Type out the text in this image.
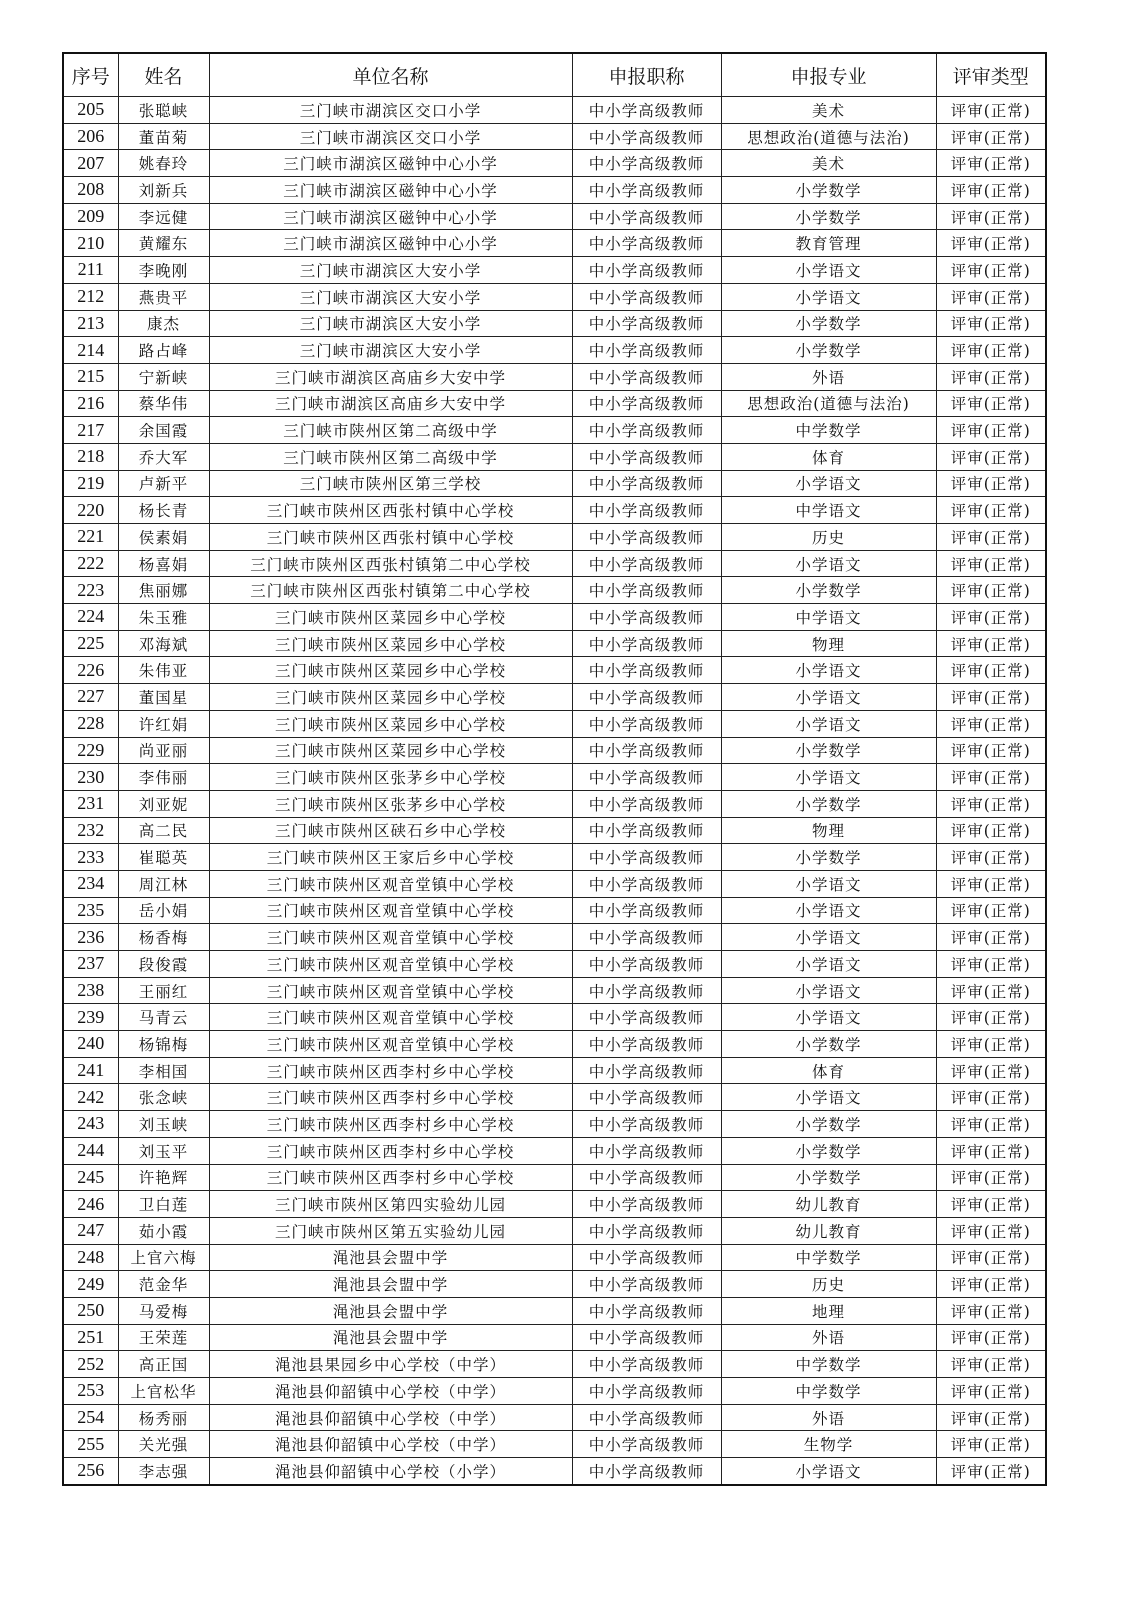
序号	姓名	单位名称	申报职称	申报专业	评审类型
205	张聪峡	三门峡市湖滨区交口小学	中小学高级教师	美术	评审(正常)
206	董苗菊	三门峡市湖滨区交口小学	中小学高级教师	思想政治(道德与法治)	评审(正常)
207	姚春玲	三门峡市湖滨区磁钟中心小学	中小学高级教师	美术	评审(正常)
208	刘新兵	三门峡市湖滨区磁钟中心小学	中小学高级教师	小学数学	评审(正常)
209	李远健	三门峡市湖滨区磁钟中心小学	中小学高级教师	小学数学	评审(正常)
210	黄耀东	三门峡市湖滨区磁钟中心小学	中小学高级教师	教育管理	评审(正常)
211	李晚刚	三门峡市湖滨区大安小学	中小学高级教师	小学语文	评审(正常)
212	燕贵平	三门峡市湖滨区大安小学	中小学高级教师	小学语文	评审(正常)
213	康杰	三门峡市湖滨区大安小学	中小学高级教师	小学数学	评审(正常)
214	路占峰	三门峡市湖滨区大安小学	中小学高级教师	小学数学	评审(正常)
215	宁新峡	三门峡市湖滨区高庙乡大安中学	中小学高级教师	外语	评审(正常)
216	蔡华伟	三门峡市湖滨区高庙乡大安中学	中小学高级教师	思想政治(道德与法治)	评审(正常)
217	余国霞	三门峡市陕州区第二高级中学	中小学高级教师	中学数学	评审(正常)
218	乔大军	三门峡市陕州区第二高级中学	中小学高级教师	体育	评审(正常)
219	卢新平	三门峡市陕州区第三学校	中小学高级教师	小学语文	评审(正常)
220	杨长青	三门峡市陕州区西张村镇中心学校	中小学高级教师	中学语文	评审(正常)
221	侯素娟	三门峡市陕州区西张村镇中心学校	中小学高级教师	历史	评审(正常)
222	杨喜娟	三门峡市陕州区西张村镇第二中心学校	中小学高级教师	小学语文	评审(正常)
223	焦丽娜	三门峡市陕州区西张村镇第二中心学校	中小学高级教师	小学数学	评审(正常)
224	朱玉雅	三门峡市陕州区菜园乡中心学校	中小学高级教师	中学语文	评审(正常)
225	邓海斌	三门峡市陕州区菜园乡中心学校	中小学高级教师	物理	评审(正常)
226	朱伟亚	三门峡市陕州区菜园乡中心学校	中小学高级教师	小学语文	评审(正常)
227	董国星	三门峡市陕州区菜园乡中心学校	中小学高级教师	小学语文	评审(正常)
228	许红娟	三门峡市陕州区菜园乡中心学校	中小学高级教师	小学语文	评审(正常)
229	尚亚丽	三门峡市陕州区菜园乡中心学校	中小学高级教师	小学数学	评审(正常)
230	李伟丽	三门峡市陕州区张茅乡中心学校	中小学高级教师	小学语文	评审(正常)
231	刘亚妮	三门峡市陕州区张茅乡中心学校	中小学高级教师	小学数学	评审(正常)
232	高二民	三门峡市陕州区硖石乡中心学校	中小学高级教师	物理	评审(正常)
233	崔聪英	三门峡市陕州区王家后乡中心学校	中小学高级教师	小学数学	评审(正常)
234	周江林	三门峡市陕州区观音堂镇中心学校	中小学高级教师	小学语文	评审(正常)
235	岳小娟	三门峡市陕州区观音堂镇中心学校	中小学高级教师	小学语文	评审(正常)
236	杨香梅	三门峡市陕州区观音堂镇中心学校	中小学高级教师	小学语文	评审(正常)
237	段俊霞	三门峡市陕州区观音堂镇中心学校	中小学高级教师	小学语文	评审(正常)
238	王丽红	三门峡市陕州区观音堂镇中心学校	中小学高级教师	小学语文	评审(正常)
239	马青云	三门峡市陕州区观音堂镇中心学校	中小学高级教师	小学语文	评审(正常)
240	杨锦梅	三门峡市陕州区观音堂镇中心学校	中小学高级教师	小学数学	评审(正常)
241	李相国	三门峡市陕州区西李村乡中心学校	中小学高级教师	体育	评审(正常)
242	张念峡	三门峡市陕州区西李村乡中心学校	中小学高级教师	小学语文	评审(正常)
243	刘玉峡	三门峡市陕州区西李村乡中心学校	中小学高级教师	小学数学	评审(正常)
244	刘玉平	三门峡市陕州区西李村乡中心学校	中小学高级教师	小学数学	评审(正常)
245	许艳辉	三门峡市陕州区西李村乡中心学校	中小学高级教师	小学数学	评审(正常)
246	卫白莲	三门峡市陕州区第四实验幼儿园	中小学高级教师	幼儿教育	评审(正常)
247	茹小霞	三门峡市陕州区第五实验幼儿园	中小学高级教师	幼儿教育	评审(正常)
248	上官六梅	渑池县会盟中学	中小学高级教师	中学数学	评审(正常)
249	范金华	渑池县会盟中学	中小学高级教师	历史	评审(正常)
250	马爱梅	渑池县会盟中学	中小学高级教师	地理	评审(正常)
251	王荣莲	渑池县会盟中学	中小学高级教师	外语	评审(正常)
252	高正国	渑池县果园乡中心学校（中学）	中小学高级教师	中学数学	评审(正常)
253	上官松华	渑池县仰韶镇中心学校（中学）	中小学高级教师	中学数学	评审(正常)
254	杨秀丽	渑池县仰韶镇中心学校（中学）	中小学高级教师	外语	评审(正常)
255	关光强	渑池县仰韶镇中心学校（中学）	中小学高级教师	生物学	评审(正常)
256	李志强	渑池县仰韶镇中心学校（小学）	中小学高级教师	小学语文	评审(正常)
